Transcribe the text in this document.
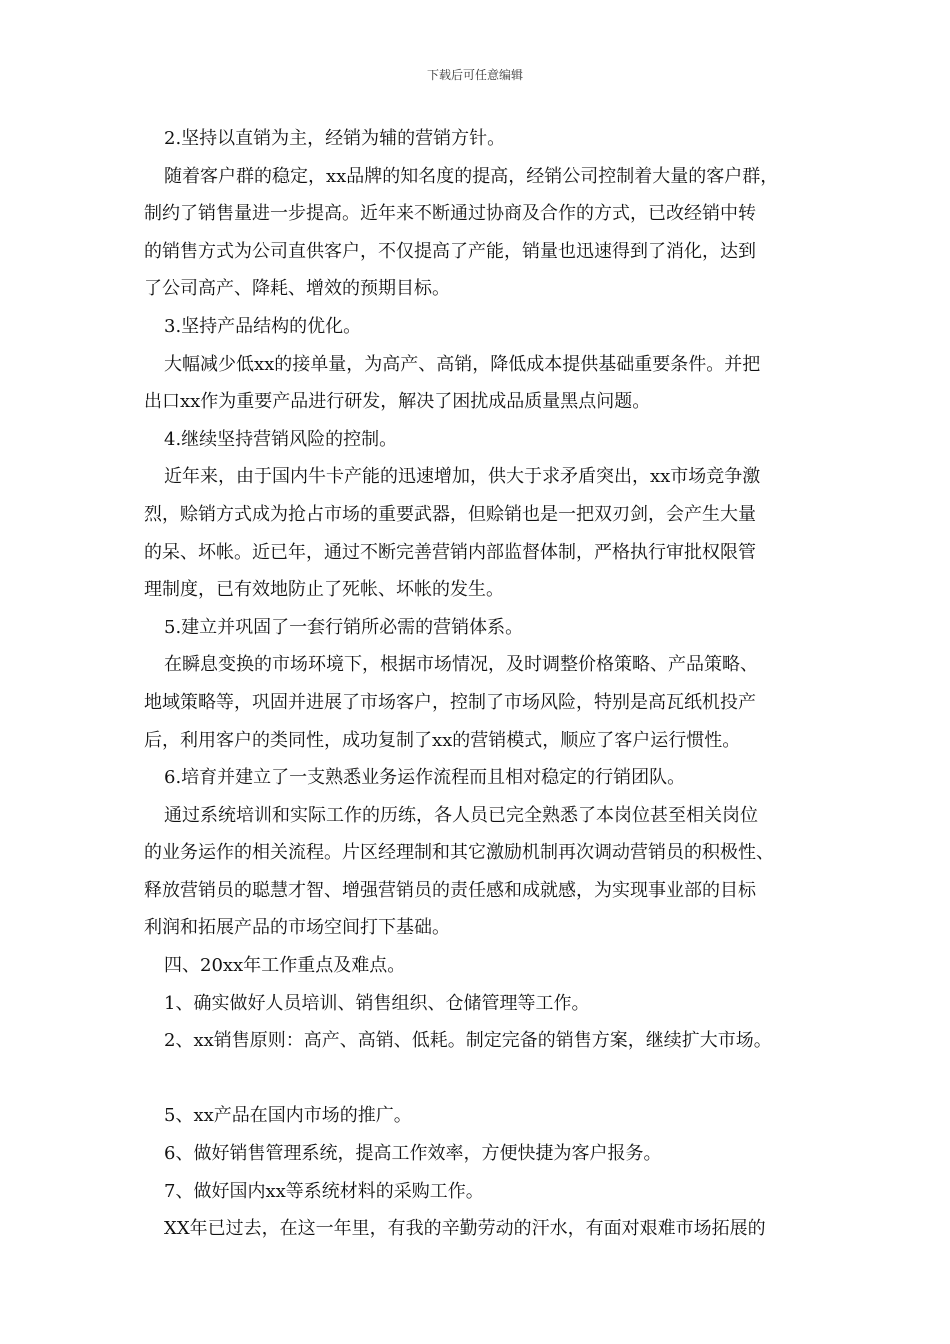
下载后可任意编辑
2.坚持以直销为主，经销为辅的营销方针。
随着客户群的稳定，xx品牌的知名度的提高，经销公司控制着大量的客户群，
制约了销售量进一步提高。近年来不断通过协商及合作的方式，已改经销中转
的销售方式为公司直供客户，不仅提高了产能，销量也迅速得到了消化，达到
了公司高产、降耗、增效的预期目标。
3.坚持产品结构的优化。
大幅减少低xx的接单量，为高产、高销，降低成本提供基础重要条件。并把
出口xx作为重要产品进行研发，解决了困扰成品质量黑点问题。
4.继续坚持营销风险的控制。
近年来，由于国内牛卡产能的迅速增加，供大于求矛盾突出，xx市场竞争激
烈，赊销方式成为抢占市场的重要武器，但赊销也是一把双刃剑，会产生大量
的呆、坏帐。近已年，通过不断完善营销内部监督体制，严格执行审批权限管
理制度，已有效地防止了死帐、坏帐的发生。
5.建立并巩固了一套行销所必需的营销体系。
在瞬息变换的市场环境下，根据市场情况，及时调整价格策略、产品策略、
地域策略等，巩固并进展了市场客户，控制了市场风险，特别是高瓦纸机投产
后，利用客户的类同性，成功复制了xx的营销模式，顺应了客户运行惯性。
6.培育并建立了一支熟悉业务运作流程而且相对稳定的行销团队。
通过系统培训和实际工作的历练，各人员已完全熟悉了本岗位甚至相关岗位
的业务运作的相关流程。片区经理制和其它激励机制再次调动营销员的积极性、
释放营销员的聪慧才智、增强营销员的责任感和成就感，为实现事业部的目标
利润和拓展产品的市场空间打下基础。
四、20xx年工作重点及难点。
1、确实做好人员培训、销售组织、仓储管理等工作。
2、xx销售原则：高产、高销、低耗。制定完备的销售方案，继续扩大市场。
5、xx产品在国内市场的推广。
6、做好销售管理系统，提高工作效率，方便快捷为客户报务。
7、做好国内xx等系统材料的采购工作。
XX年已过去，在这一年里，有我的辛勤劳动的汗水，有面对艰难市场拓展的
